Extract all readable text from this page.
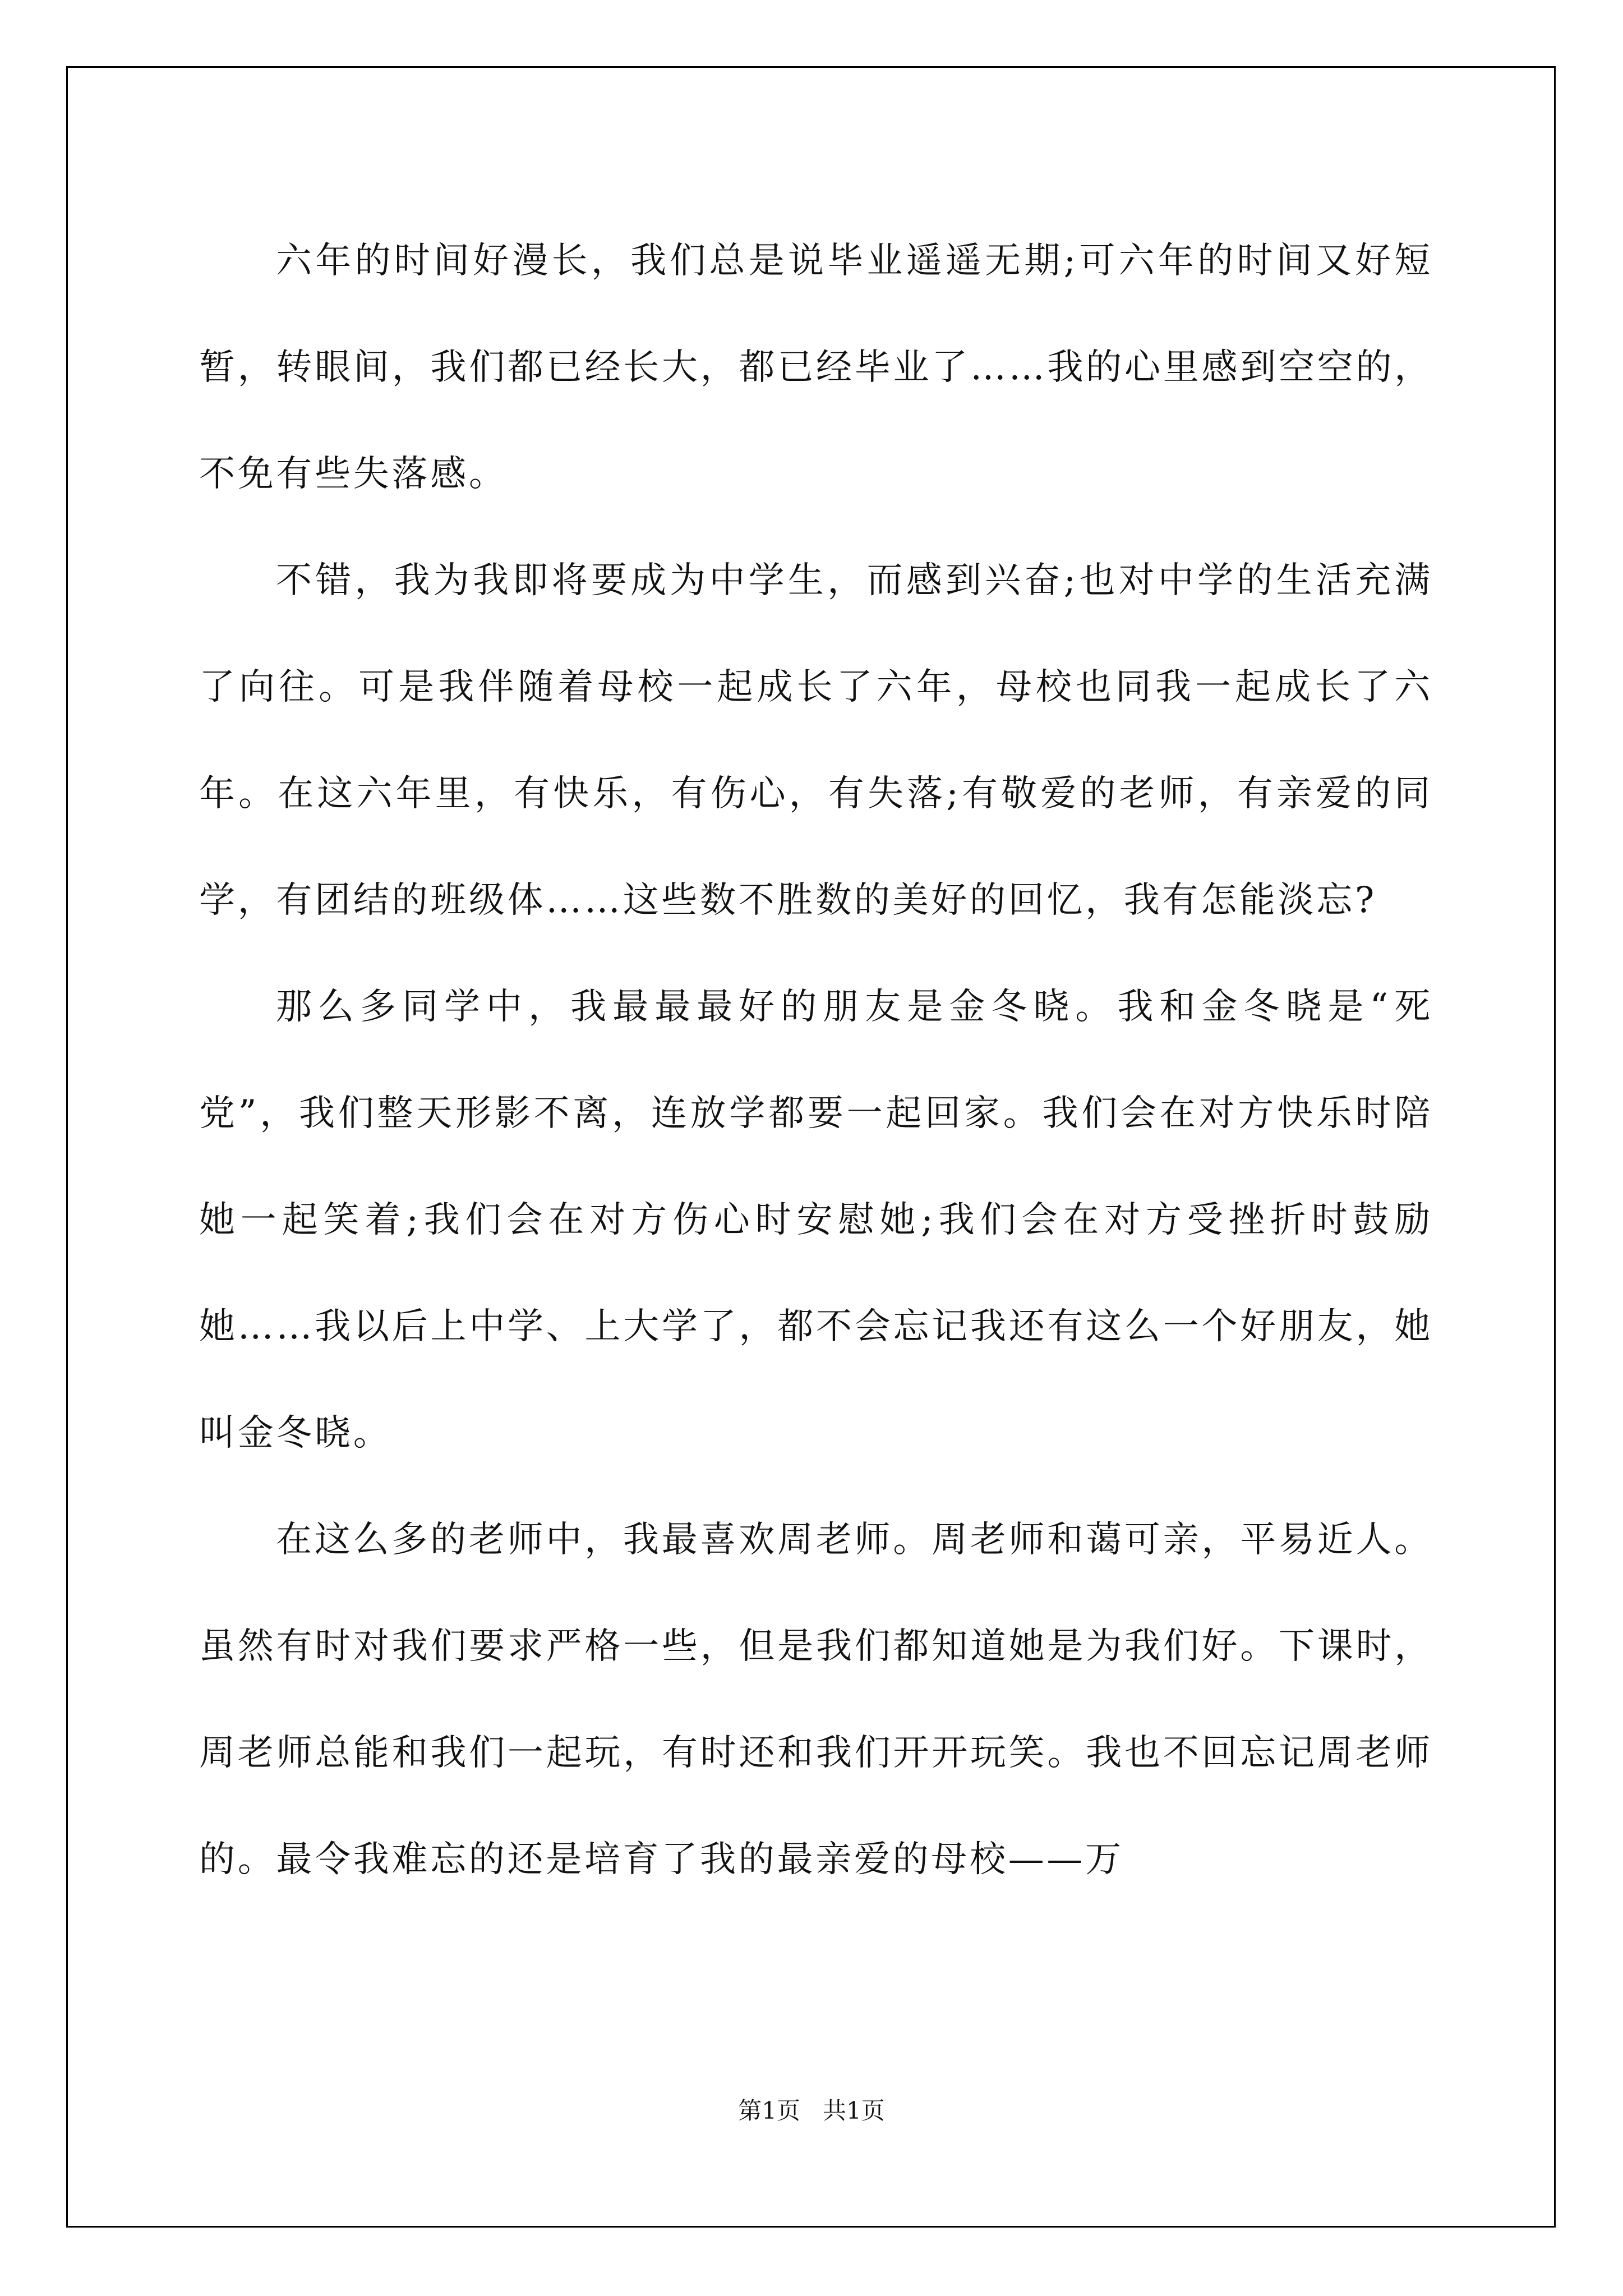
六年的时间好漫长，我们总是说毕业遥遥无期;可六年的时间又好短暂，转眼间，我们都已经长大，都已经毕业了……我的心里感到空空的，不免有些失落感。

不错，我为我即将要成为中学生，而感到兴奋;也对中学的生活充满了向往。可是我伴随着母校一起成长了六年，母校也同我一起成长了六年。在这六年里，有快乐，有伤心，有失落;有敬爱的老师，有亲爱的同学，有团结的班级体……这些数不胜数的美好的回忆，我有怎能淡忘?

那么多同学中，我最最最好的朋友是金冬晓。我和金冬晓是“死党”，我们整天形影不离，连放学都要一起回家。我们会在对方快乐时陪她一起笑着;我们会在对方伤心时安慰她;我们会在对方受挫折时鼓励她……我以后上中学、上大学了，都不会忘记我还有这么一个好朋友，她叫金冬晓。

在这么多的老师中，我最喜欢周老师。周老师和蔼可亲，平易近人。虽然有时对我们要求严格一些，但是我们都知道她是为我们好。下课时，周老师总能和我们一起玩，有时还和我们开开玩笑。我也不回忘记周老师的。最令我难忘的还是培育了我的最亲爱的母校——万

第1页   共1页
